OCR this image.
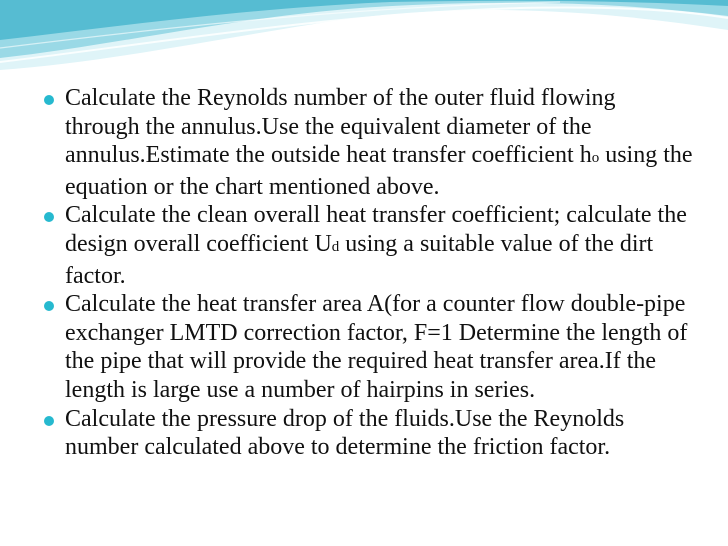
Calculate the Reynolds number of the outer fluid flowing through the annulus.Use the equivalent diameter of the annulus.Estimate the outside heat transfer coefficient ho using the equation or the chart mentioned above.
Calculate the clean overall heat transfer coefficient; calculate the design overall coefficient Ud using a suitable value of the dirt factor.
Calculate the heat transfer area A(for a counter flow double-pipe exchanger LMTD correction factor, F=1 Determine the length of the pipe that will provide the required heat transfer area.If the length is large use a number of hairpins in series.
Calculate the pressure drop of the fluids.Use the Reynolds number calculated above to determine the friction factor.
